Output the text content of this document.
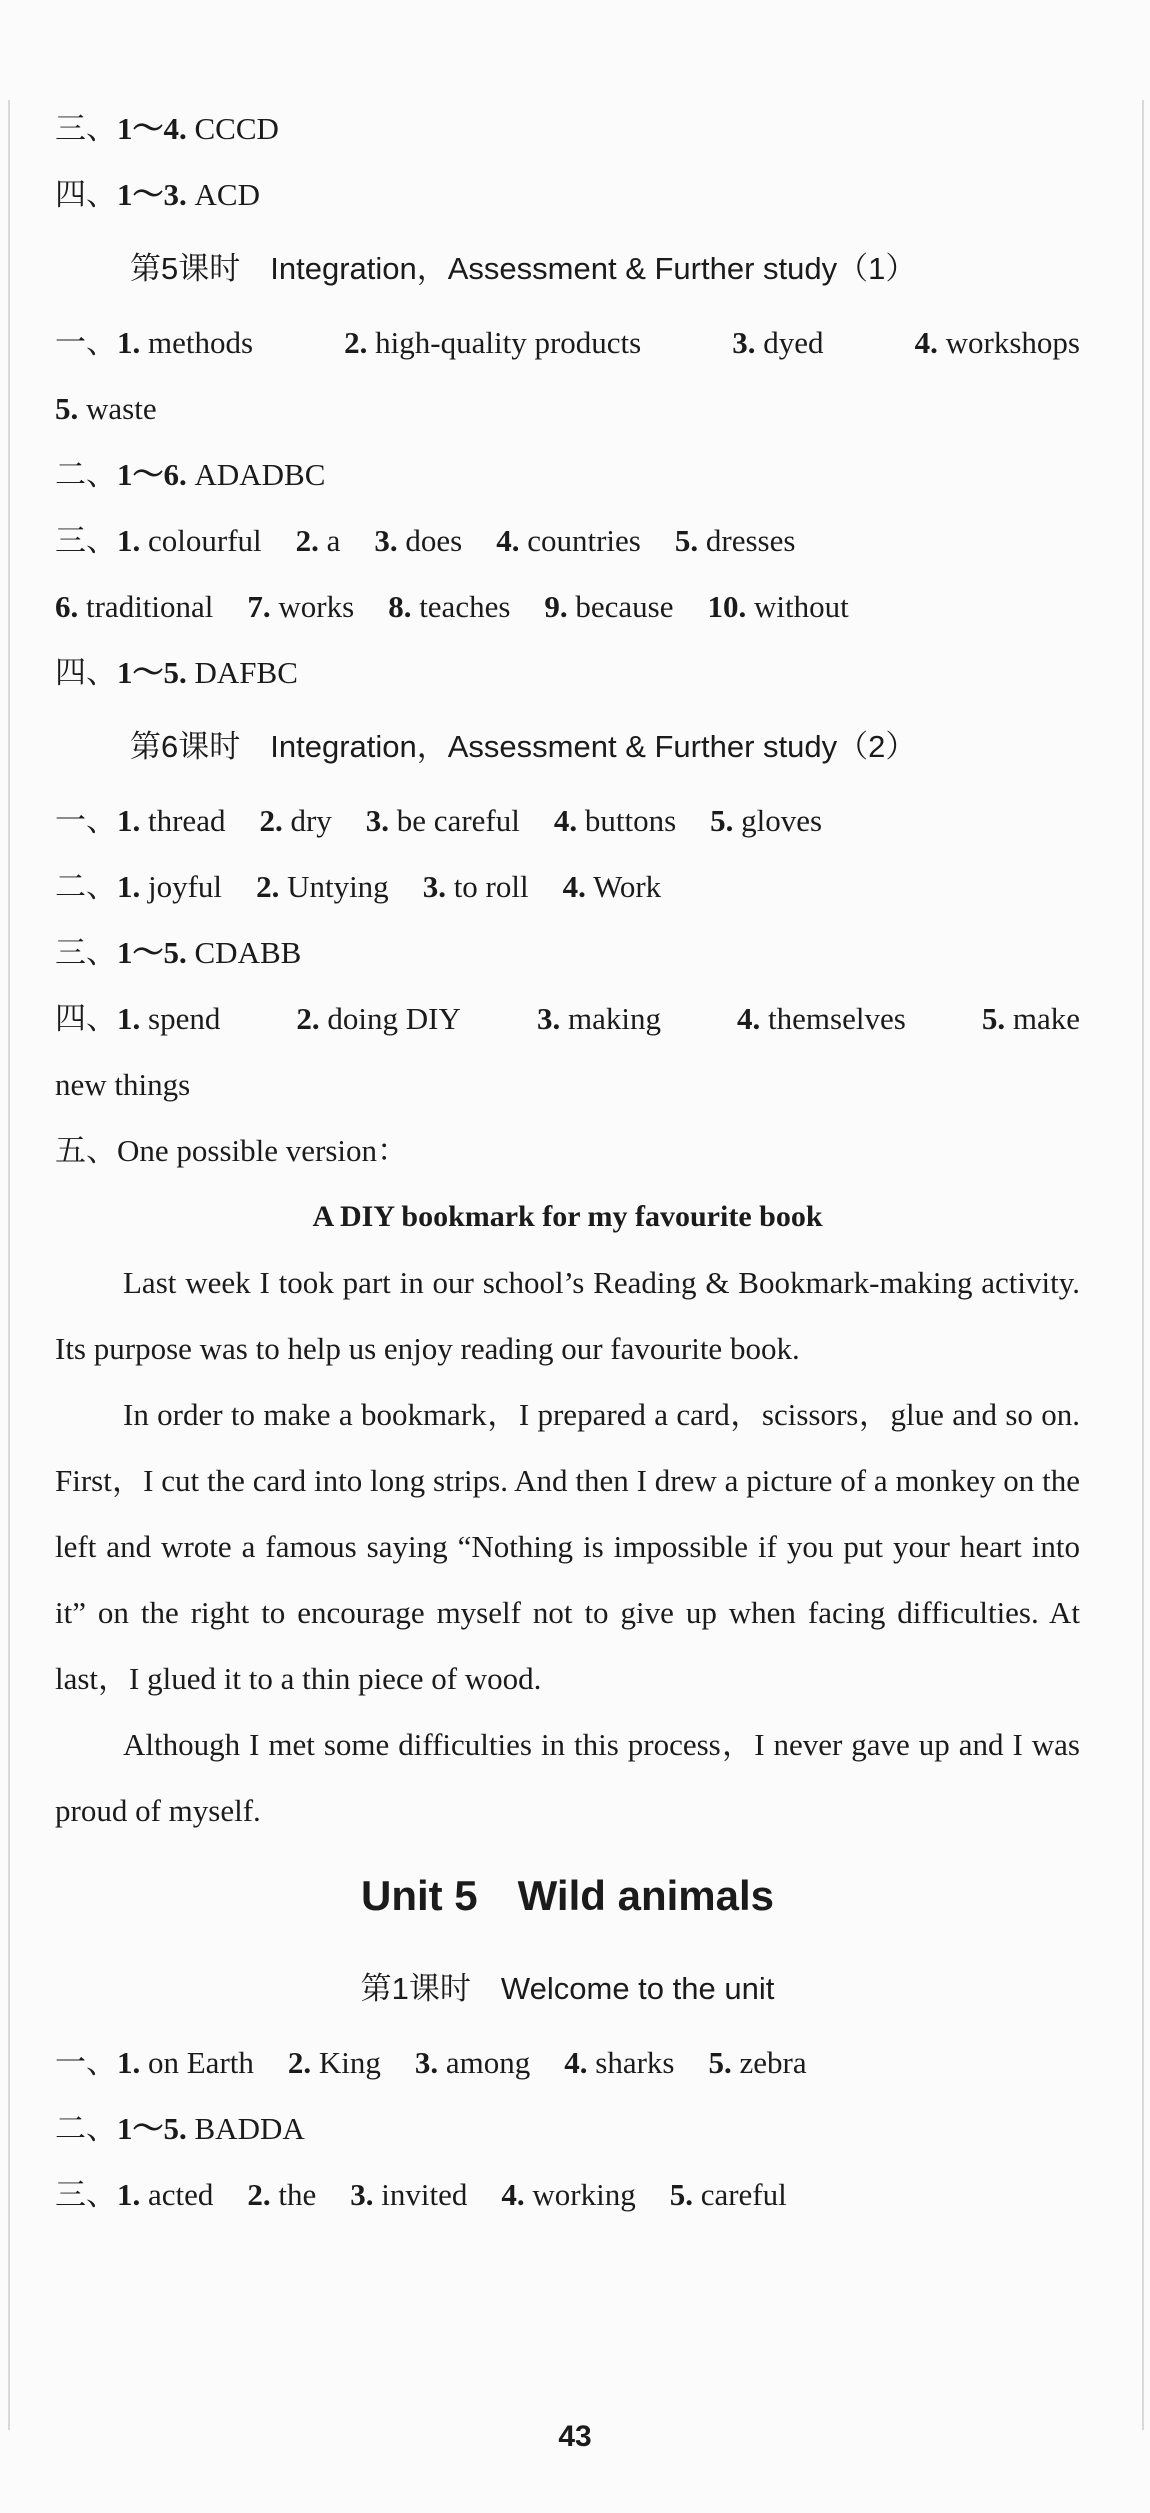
三、1～4. CCCD
四、1～3. ACD
第5课时 Integration，Assessment & Further study（1）
一、1. methods	2. high-quality products	3. dyed	4. workshops
5. waste
二、1～6. ADADBC
三、1. colourful 2. a 3. does 4. countries 5. dresses
6. traditional 7. works 8. teaches 9. because 10. without
四、1～5. DAFBC
第6课时 Integration，Assessment & Further study（2）
一、1. thread 2. dry 3. be careful 4. buttons 5. gloves
二、1. joyful 2. Untying 3. to roll 4. Work
三、1～5. CDABB
四、1. spend 2. doing DIY 3. making 4. themselves 5. make
new things
五、One possible version：
A DIY bookmark for my favourite book
Last week I took part in our school’s Reading & Bookmark-making activity. Its purpose was to help us enjoy reading our favourite book.
In order to make a bookmark，I prepared a card，scissors，glue and so on. First，I cut the card into long strips. And then I drew a picture of a monkey on the left and wrote a famous saying “Nothing is impossible if you put your heart into it” on the right to encourage myself not to give up when facing difficulties. At last，I glued it to a thin piece of wood.
Although I met some difficulties in this process，I never gave up and I was proud of myself.
Unit 5 Wild animals
第1课时 Welcome to the unit
一、1. on Earth 2. King 3. among 4. sharks 5. zebra
二、1～5. BADDA
三、1. acted 2. the 3. invited 4. working 5. careful
43
